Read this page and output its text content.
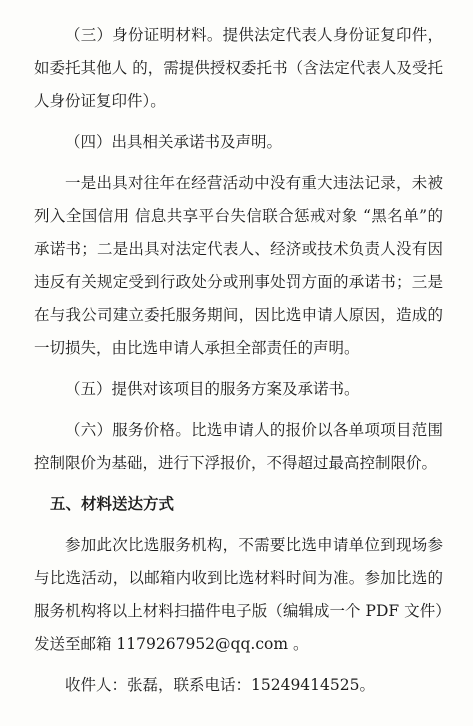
（三）身份证明材料。提供法定代表人身份证复印件，如委托其他人 的，需提供授权委托书（含法定代表人及受托人身份证复印件）。

（四）出具相关承诺书及声明。

一是出具对往年在经营活动中没有重大违法记录，未被列入全国信用 信息共享平台失信联合惩戒对象 “黑名单”的承诺书；二是出具对法定代表人、经济或技术负责人没有因违反有关规定受到行政处分或刑事处罚方面的承诺书；三是在与我公司建立委托服务期间，因比选申请人原因，造成的一切损失，由比选申请人承担全部责任的声明。

（五）提供对该项目的服务方案及承诺书。

（六）服务价格。比选申请人的报价以各单项项目范围控制限价为基础，进行下浮报价，不得超过最高控制限价。

五、材料送达方式

参加此次比选服务机构，不需要比选申请单位到现场参与比选活动，以邮箱内收到比选材料时间为准。参加比选的服务机构将以上材料扫描件电子版（编辑成一个 PDF 文件）发送至邮箱 1179267952@qq.com 。

收件人：张磊，联系电话：15249414525。
